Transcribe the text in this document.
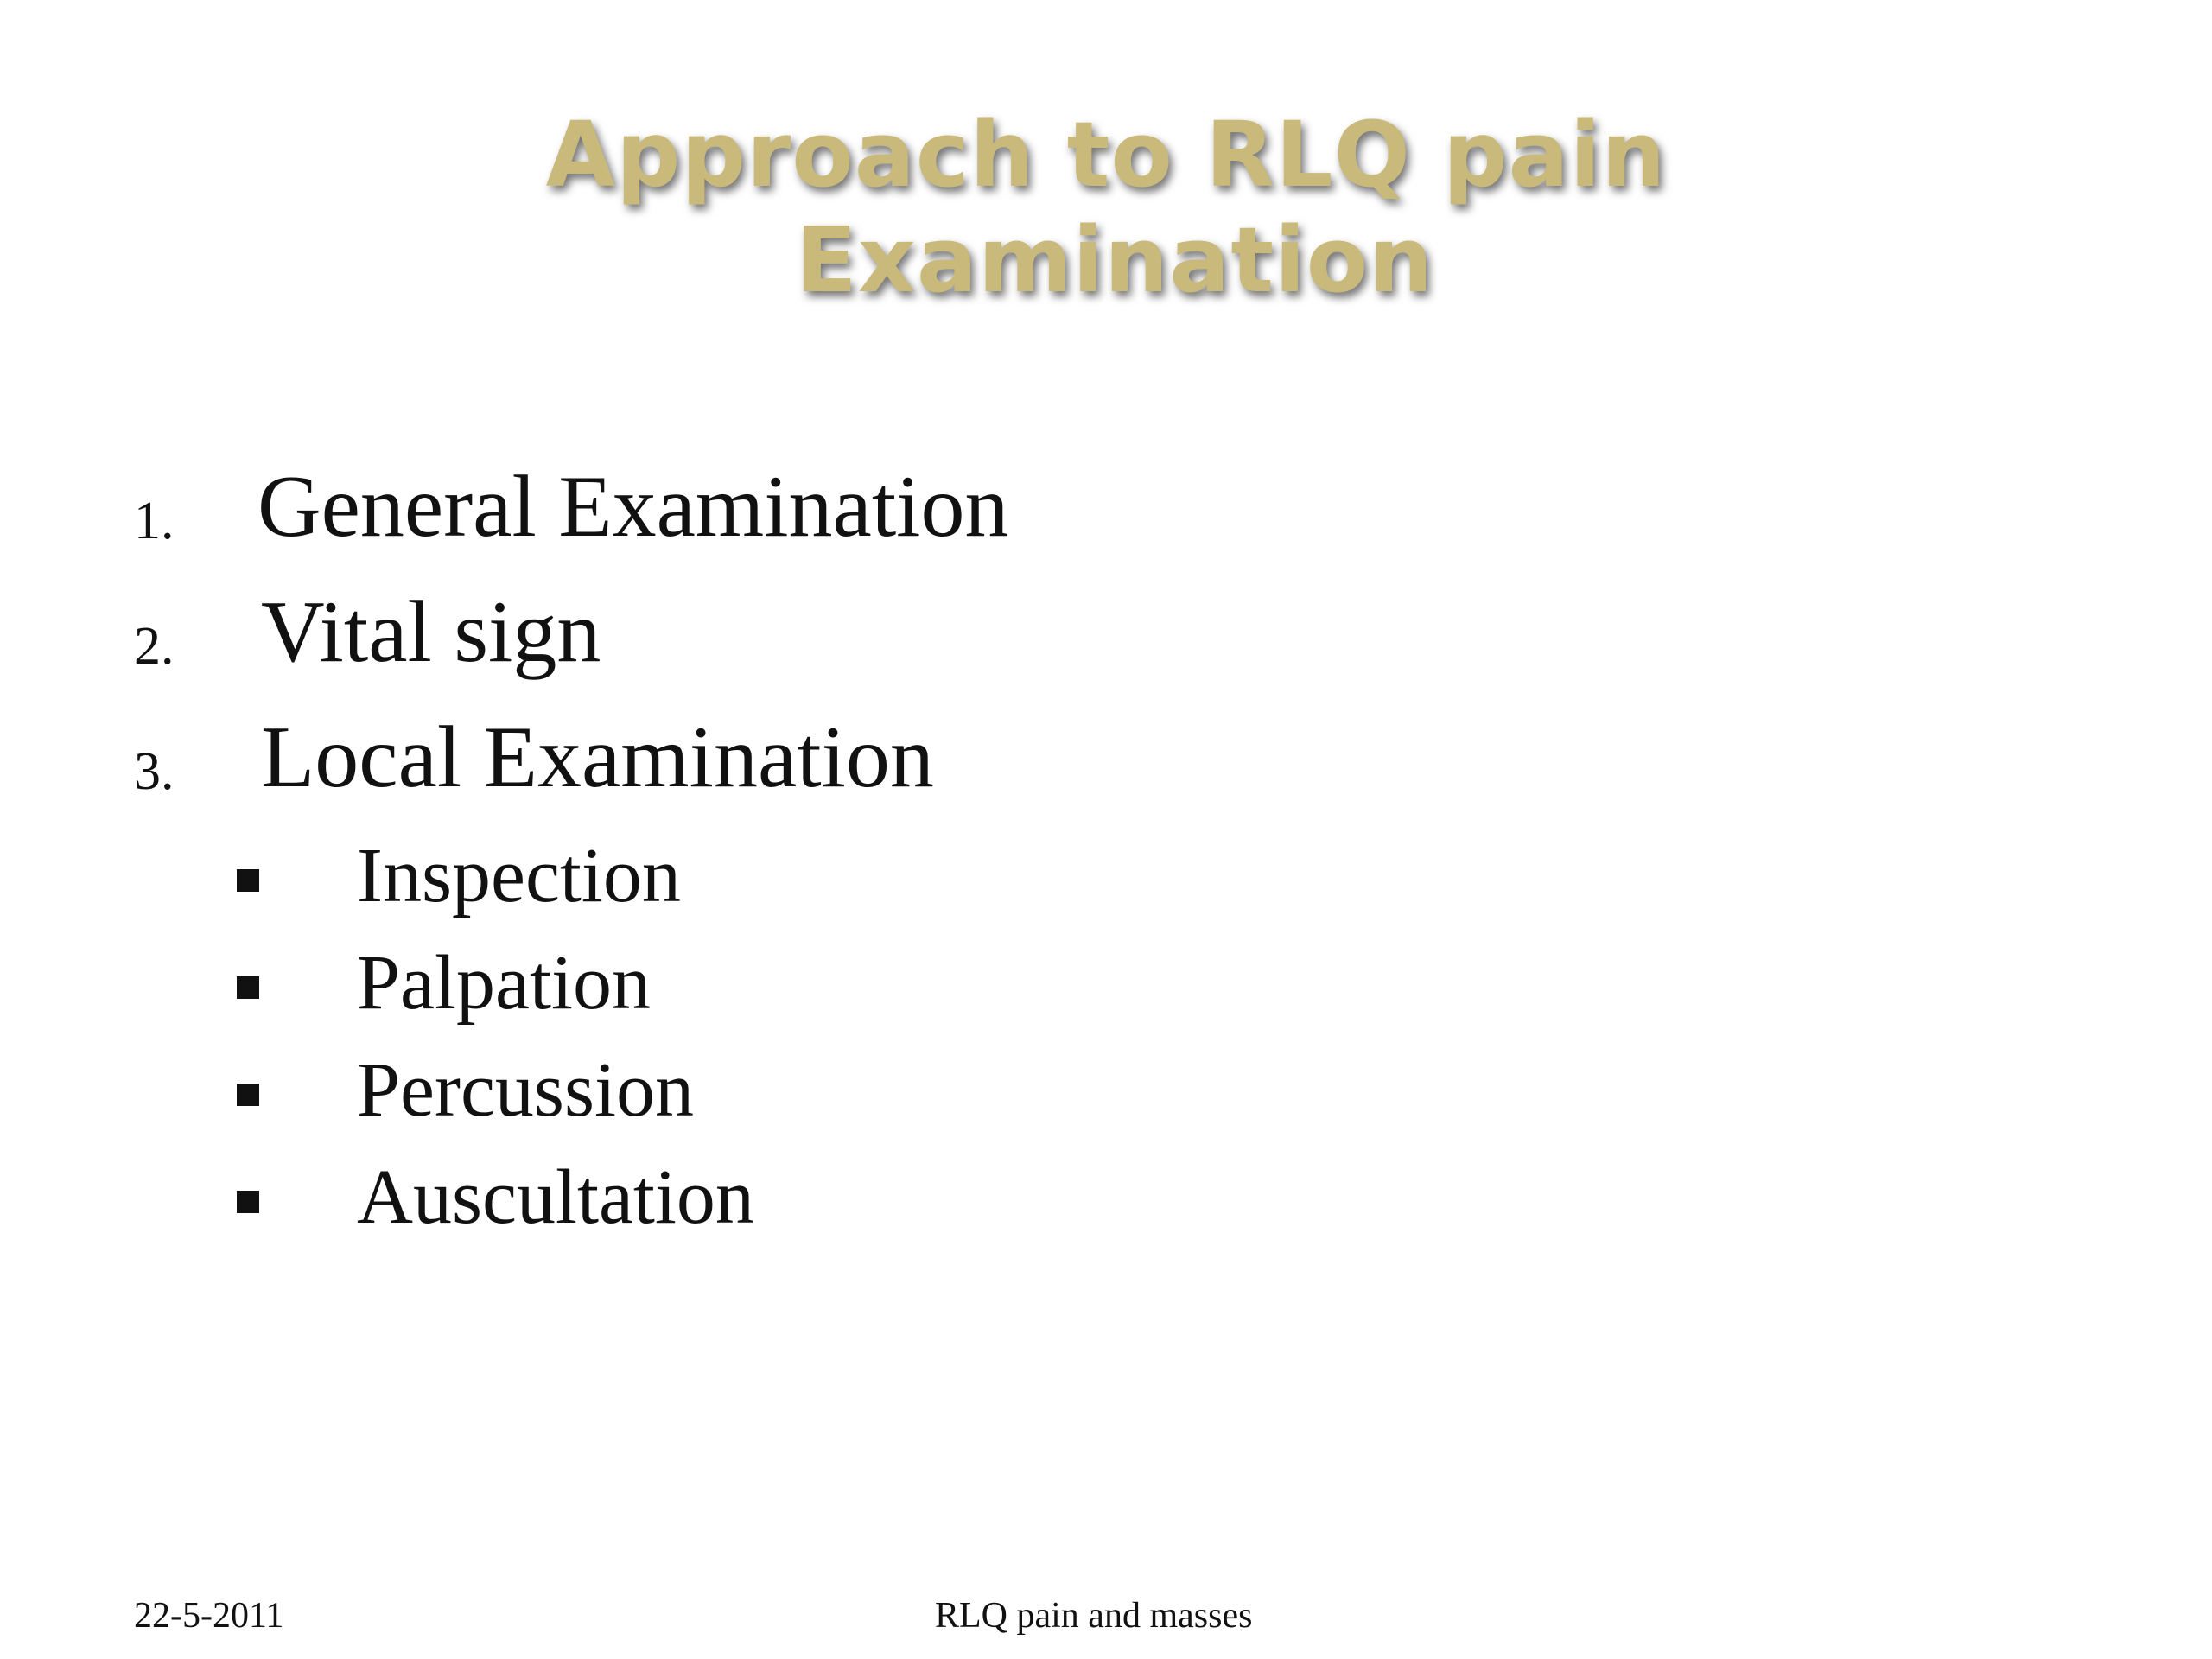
Approach to RLQ pain
Examination
1. General Examination
2. Vital sign
3. Local Examination
Inspection
Palpation
Percussion
Auscultation
22-5-2011	RLQ pain and masses
